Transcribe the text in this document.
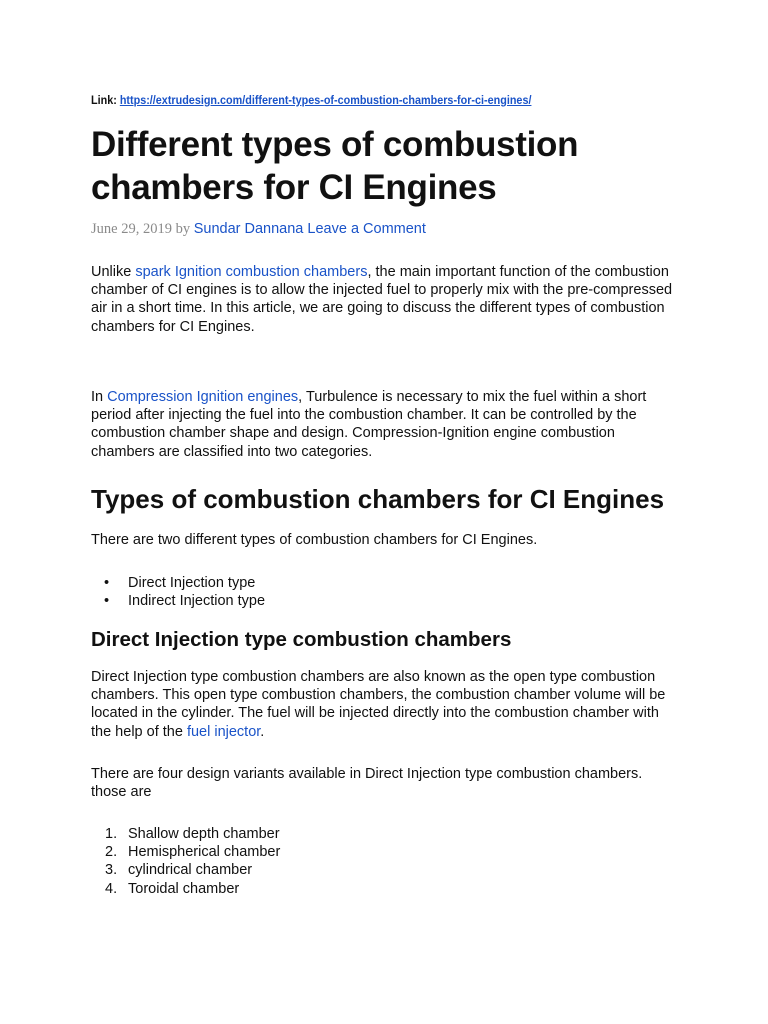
Link: https://extrudesign.com/different-types-of-combustion-chambers-for-ci-engines/
Different types of combustion
chambers for CI Engines
June 29, 2019 by Sundar Dannana Leave a Comment

Unlike spark Ignition combustion chambers, the main important function of the combustion chamber of CI engines is to allow the injected fuel to properly mix with the pre-compressed air in a short time. In this article, we are going to discuss the different types of combustion chambers for CI Engines.

In Compression Ignition engines, Turbulence is necessary to mix the fuel within a short period after injecting the fuel into the combustion chamber. It can be controlled by the combustion chamber shape and design. Compression-Ignition engine combustion chambers are classified into two categories.

Types of combustion chambers for CI Engines

There are two different types of combustion chambers for CI Engines.

• Direct Injection type
• Indirect Injection type
Direct Injection type combustion chambers

Direct Injection type combustion chambers are also known as the open type combustion chambers. This open type combustion chambers, the combustion chamber volume will be located in the cylinder. The fuel will be injected directly into the combustion chamber with the help of the fuel injector.

There are four design variants available in Direct Injection type combustion chambers. those are

1. Shallow depth chamber
2. Hemispherical chamber
3. cylindrical chamber
4. Toroidal chamber
